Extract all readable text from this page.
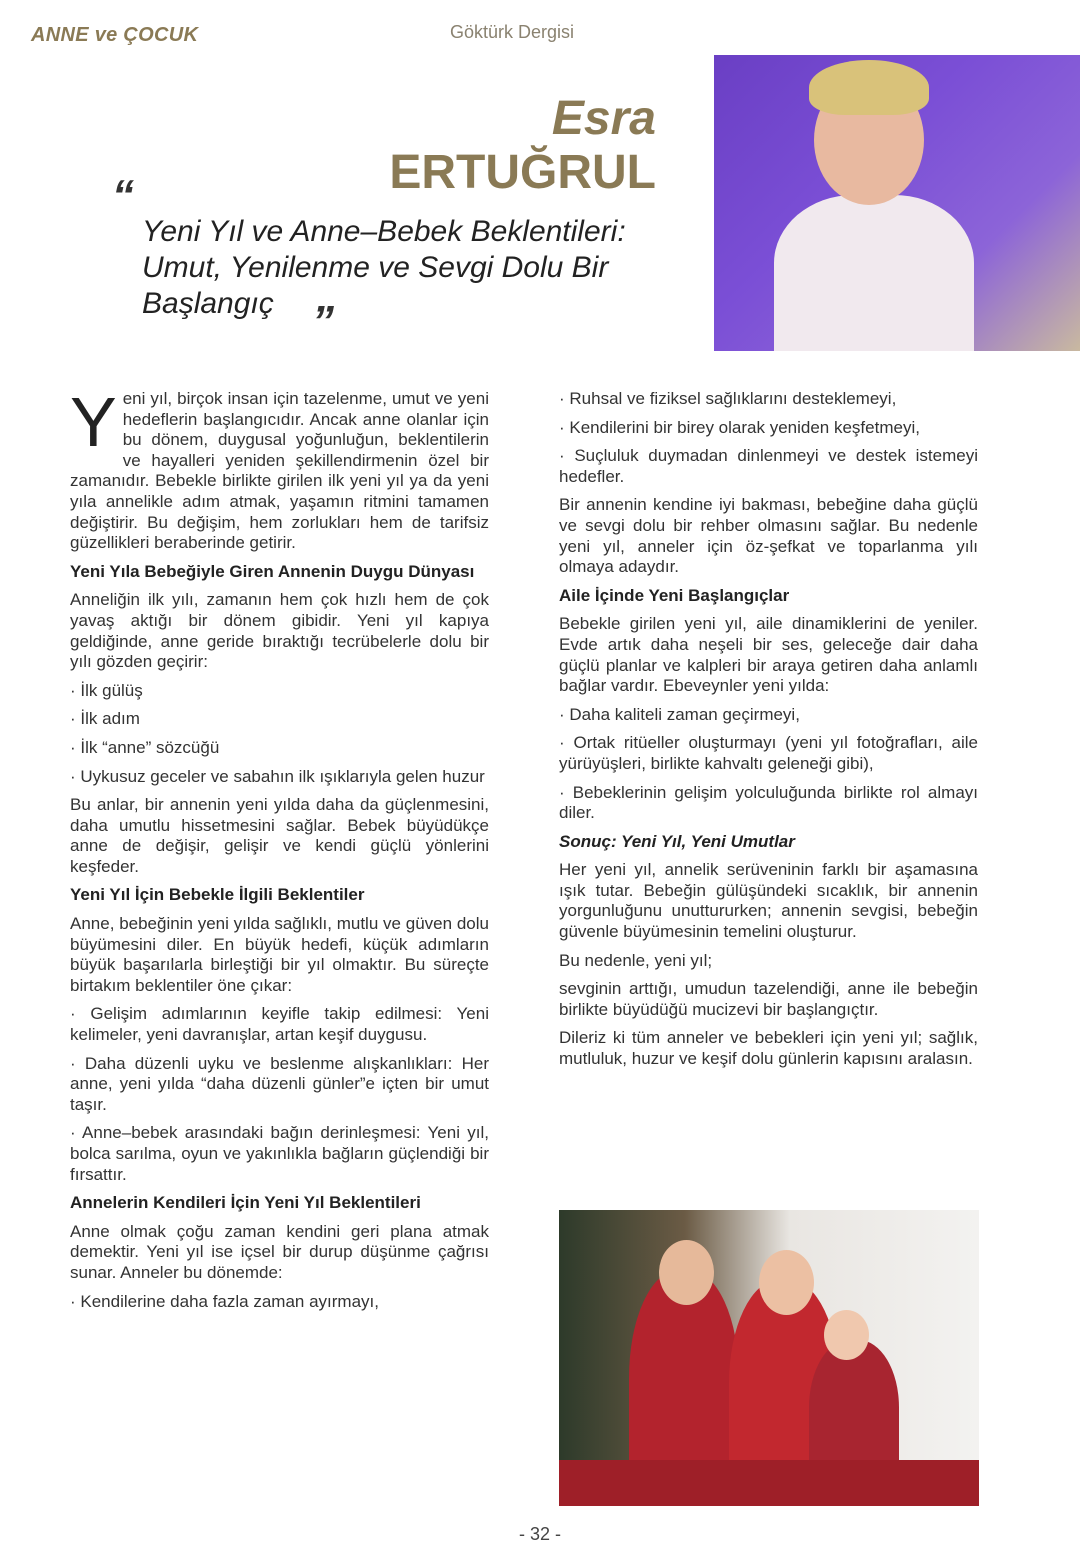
ANNE ve ÇOCUK	Göktürk Dergisi
Esra
ERTUĞRUL
“
Yeni Yıl ve Anne–Bebek Beklentileri: Umut, Yenilenme ve Sevgi Dolu Bir Başlangıç ”
Yeni yıl, birçok insan için tazelenme, umut ve yeni hedeflerin başlangıcıdır. Ancak anne olanlar için bu dönem, duygusal yoğunluğun, beklentilerin ve hayalleri yeniden şekillendirmenin özel bir zamanıdır. Bebekle birlikte girilen ilk yeni yıl ya da yeni yıla annelikle adım atmak, yaşamın ritmini tamamen değiştirir. Bu değişim, hem zorlukları hem de tarifsiz güzellikleri beraberinde getirir.
Yeni Yıla Bebeğiyle Giren Annenin Duygu Dünyası
Anneliğin ilk yılı, zamanın hem çok hızlı hem de çok yavaş aktığı bir dönem gibidir. Yeni yıl kapıya geldiğinde, anne geride bıraktığı tecrübelerle dolu bir yılı gözden geçirir:
· İlk gülüş
· İlk adım
· İlk “anne” sözcüğü
· Uykusuz geceler ve sabahın ilk ışıklarıyla gelen huzur
Bu anlar, bir annenin yeni yılda daha da güçlenmesini, daha umutlu hissetmesini sağlar. Bebek büyüdükçe anne de değişir, gelişir ve kendi güçlü yönlerini keşfeder.
Yeni Yıl İçin Bebekle İlgili Beklentiler
Anne, bebeğinin yeni yılda sağlıklı, mutlu ve güven dolu büyümesini diler. En büyük hedefi, küçük adımların büyük başarılarla birleştiği bir yıl olmaktır. Bu süreçte birtakım beklentiler öne çıkar:
· Gelişim adımlarının keyifle takip edilmesi: Yeni kelimeler, yeni davranışlar, artan keşif duygusu.
· Daha düzenli uyku ve beslenme alışkanlıkları: Her anne, yeni yılda “daha düzenli günler”e içten bir umut taşır.
· Anne–bebek arasındaki bağın derinleşmesi: Yeni yıl, bolca sarılma, oyun ve yakınlıkla bağların güçlendiği bir fırsattır.
Annelerin Kendileri İçin Yeni Yıl Beklentileri
Anne olmak çoğu zaman kendini geri plana atmak demektir. Yeni yıl ise içsel bir durup düşünme çağrısı sunar. Anneler bu dönemde:
· Kendilerine daha fazla zaman ayırmayı,
· Ruhsal ve fiziksel sağlıklarını desteklemeyi,
· Kendilerini bir birey olarak yeniden keşfetmeyi,
· Suçluluk duymadan dinlenmeyi ve destek istemeyi hedefler.
Bir annenin kendine iyi bakması, bebeğine daha güçlü ve sevgi dolu bir rehber olmasını sağlar. Bu nedenle yeni yıl, anneler için öz-şefkat ve toparlanma yılı olmaya adaydır.
Aile İçinde Yeni Başlangıçlar
Bebekle girilen yeni yıl, aile dinamiklerini de yeniler. Evde artık daha neşeli bir ses, geleceğe dair daha güçlü planlar ve kalpleri bir araya getiren daha anlamlı bağlar vardır. Ebeveynler yeni yılda:
· Daha kaliteli zaman geçirmeyi,
· Ortak ritüeller oluşturmayı (yeni yıl fotoğrafları, aile yürüyüşleri, birlikte kahvaltı geleneği gibi),
· Bebeklerinin gelişim yolculuğunda birlikte rol almayı diler.
Sonuç: Yeni Yıl, Yeni Umutlar
Her yeni yıl, annelik serüveninin farklı bir aşamasına ışık tutar. Bebeğin gülüşündeki sıcaklık, bir annenin yorgunluğunu unuttururken; annenin sevgisi, bebeğin güvenle büyümesinin temelini oluşturur.
Bu nedenle, yeni yıl;
sevginin arttığı, umudun tazelendiği, anne ile bebeğin birlikte büyüdüğü mucizevi bir başlangıçtır.
Dileriz ki tüm anneler ve bebekleri için yeni yıl; sağlık, mutluluk, huzur ve keşif dolu günlerin kapısını aralasın.
- 32 -
